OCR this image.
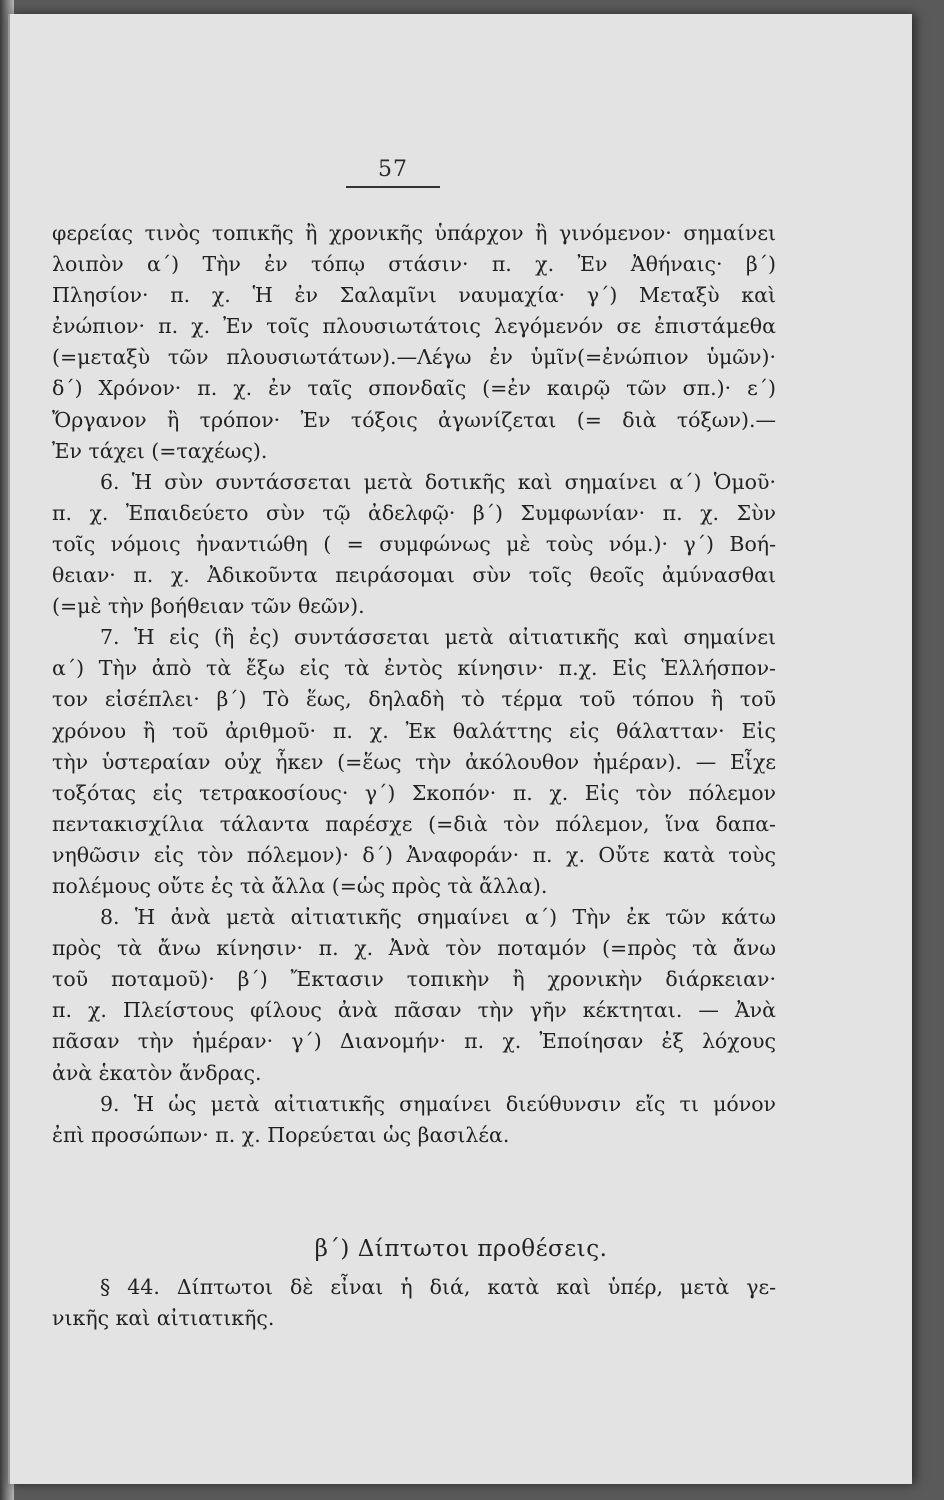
57
φερείας τινὸς τοπικῆς ἢ χρονικῆς ὑπάρχον ἢ γινόμενον· σημαίνει
λοιπὸν α΄) Τὴν ἐν τόπῳ στάσιν· π. χ. Ἐν Ἀθήναις· β΄)
Πλησίον· π. χ. Ἡ ἐν Σαλαμῖνι ναυμαχία· γ΄) Μεταξὺ καὶ
ἐνώπιον· π. χ. Ἐν τοῖς πλουσιωτάτοις λεγόμενόν σε ἐπιστάμεθα
(=μεταξὺ τῶν πλουσιωτάτων).—Λέγω ἐν ὑμῖν(=ἐνώπιον ὑμῶν)·
δ΄) Χρόνον· π. χ. ἐν ταῖς σπονδαῖς (=ἐν καιρῷ τῶν σπ.)· ε΄)
Ὄργανον ἢ τρόπον· Ἐν τόξοις ἀγωνίζεται (= διὰ τόξων).—
Ἐν τάχει (=ταχέως).
6. Ἡ σὺν συντάσσεται μετὰ δοτικῆς καὶ σημαίνει α΄) Ὁμοῦ·
π. χ. Ἐπαιδεύετο σὺν τῷ ἀδελφῷ· β΄) Συμφωνίαν· π. χ. Σὺν
τοῖς νόμοις ἠναντιώθη ( = συμφώνως μὲ τοὺς νόμ.)· γ΄) Βοή-
θειαν· π. χ. Ἀδικοῦντα πειράσομαι σὺν τοῖς θεοῖς ἀμύνασθαι
(=μὲ τὴν βοήθειαν τῶν θεῶν).
7. Ἡ εἰς (ἢ ἐς) συντάσσεται μετὰ αἰτιατικῆς καὶ σημαίνει
α΄) Τὴν ἀπὸ τὰ ἔξω εἰς τὰ ἐντὸς κίνησιν· π.χ. Εἰς Ἑλλήσπον-
τον εἰσέπλει· β΄) Τὸ ἕως, δηλαδὴ τὸ τέρμα τοῦ τόπου ἢ τοῦ
χρόνου ἢ τοῦ ἀριθμοῦ· π. χ. Ἐκ θαλάττης εἰς θάλατταν· Εἰς
τὴν ὑστεραίαν οὐχ ἧκεν (=ἕως τὴν ἀκόλουθον ἡμέραν). — Εἶχε
τοξότας εἰς τετρακοσίους· γ΄) Σκοπόν· π. χ. Εἰς τὸν πόλεμον
πεντακισχίλια τάλαντα παρέσχε (=διὰ τὸν πόλεμον, ἵνα δαπα-
νηθῶσιν εἰς τὸν πόλεμον)· δ΄) Ἀναφοράν· π. χ. Οὔτε κατὰ τοὺς
πολέμους οὔτε ἐς τὰ ἄλλα (=ὡς πρὸς τὰ ἄλλα).
8. Ἡ ἀνὰ μετὰ αἰτιατικῆς σημαίνει α΄) Τὴν ἐκ τῶν κάτω
πρὸς τὰ ἄνω κίνησιν· π. χ. Ἀνὰ τὸν ποταμόν (=πρὸς τὰ ἄνω
τοῦ ποταμοῦ)· β΄) Ἔκτασιν τοπικὴν ἢ χρονικὴν διάρκειαν·
π. χ. Πλείστους φίλους ἀνὰ πᾶσαν τὴν γῆν κέκτηται. — Ἀνὰ
πᾶσαν τὴν ἡμέραν· γ΄) Διανομήν· π. χ. Ἐποίησαν ἐξ λόχους
ἀνὰ ἑκατὸν ἄνδρας.
9. Ἡ ὡς μετὰ αἰτιατικῆς σημαίνει διεύθυνσιν εἴς τι μόνον
ἐπὶ προσώπων· π. χ. Πορεύεται ὡς βασιλέα.
β΄) Δίπτωτοι προθέσεις.
§ 44. Δίπτωτοι δὲ εἶναι ἡ διά, κατὰ καὶ ὑπέρ, μετὰ γε-
νικῆς καὶ αἰτιατικῆς.
